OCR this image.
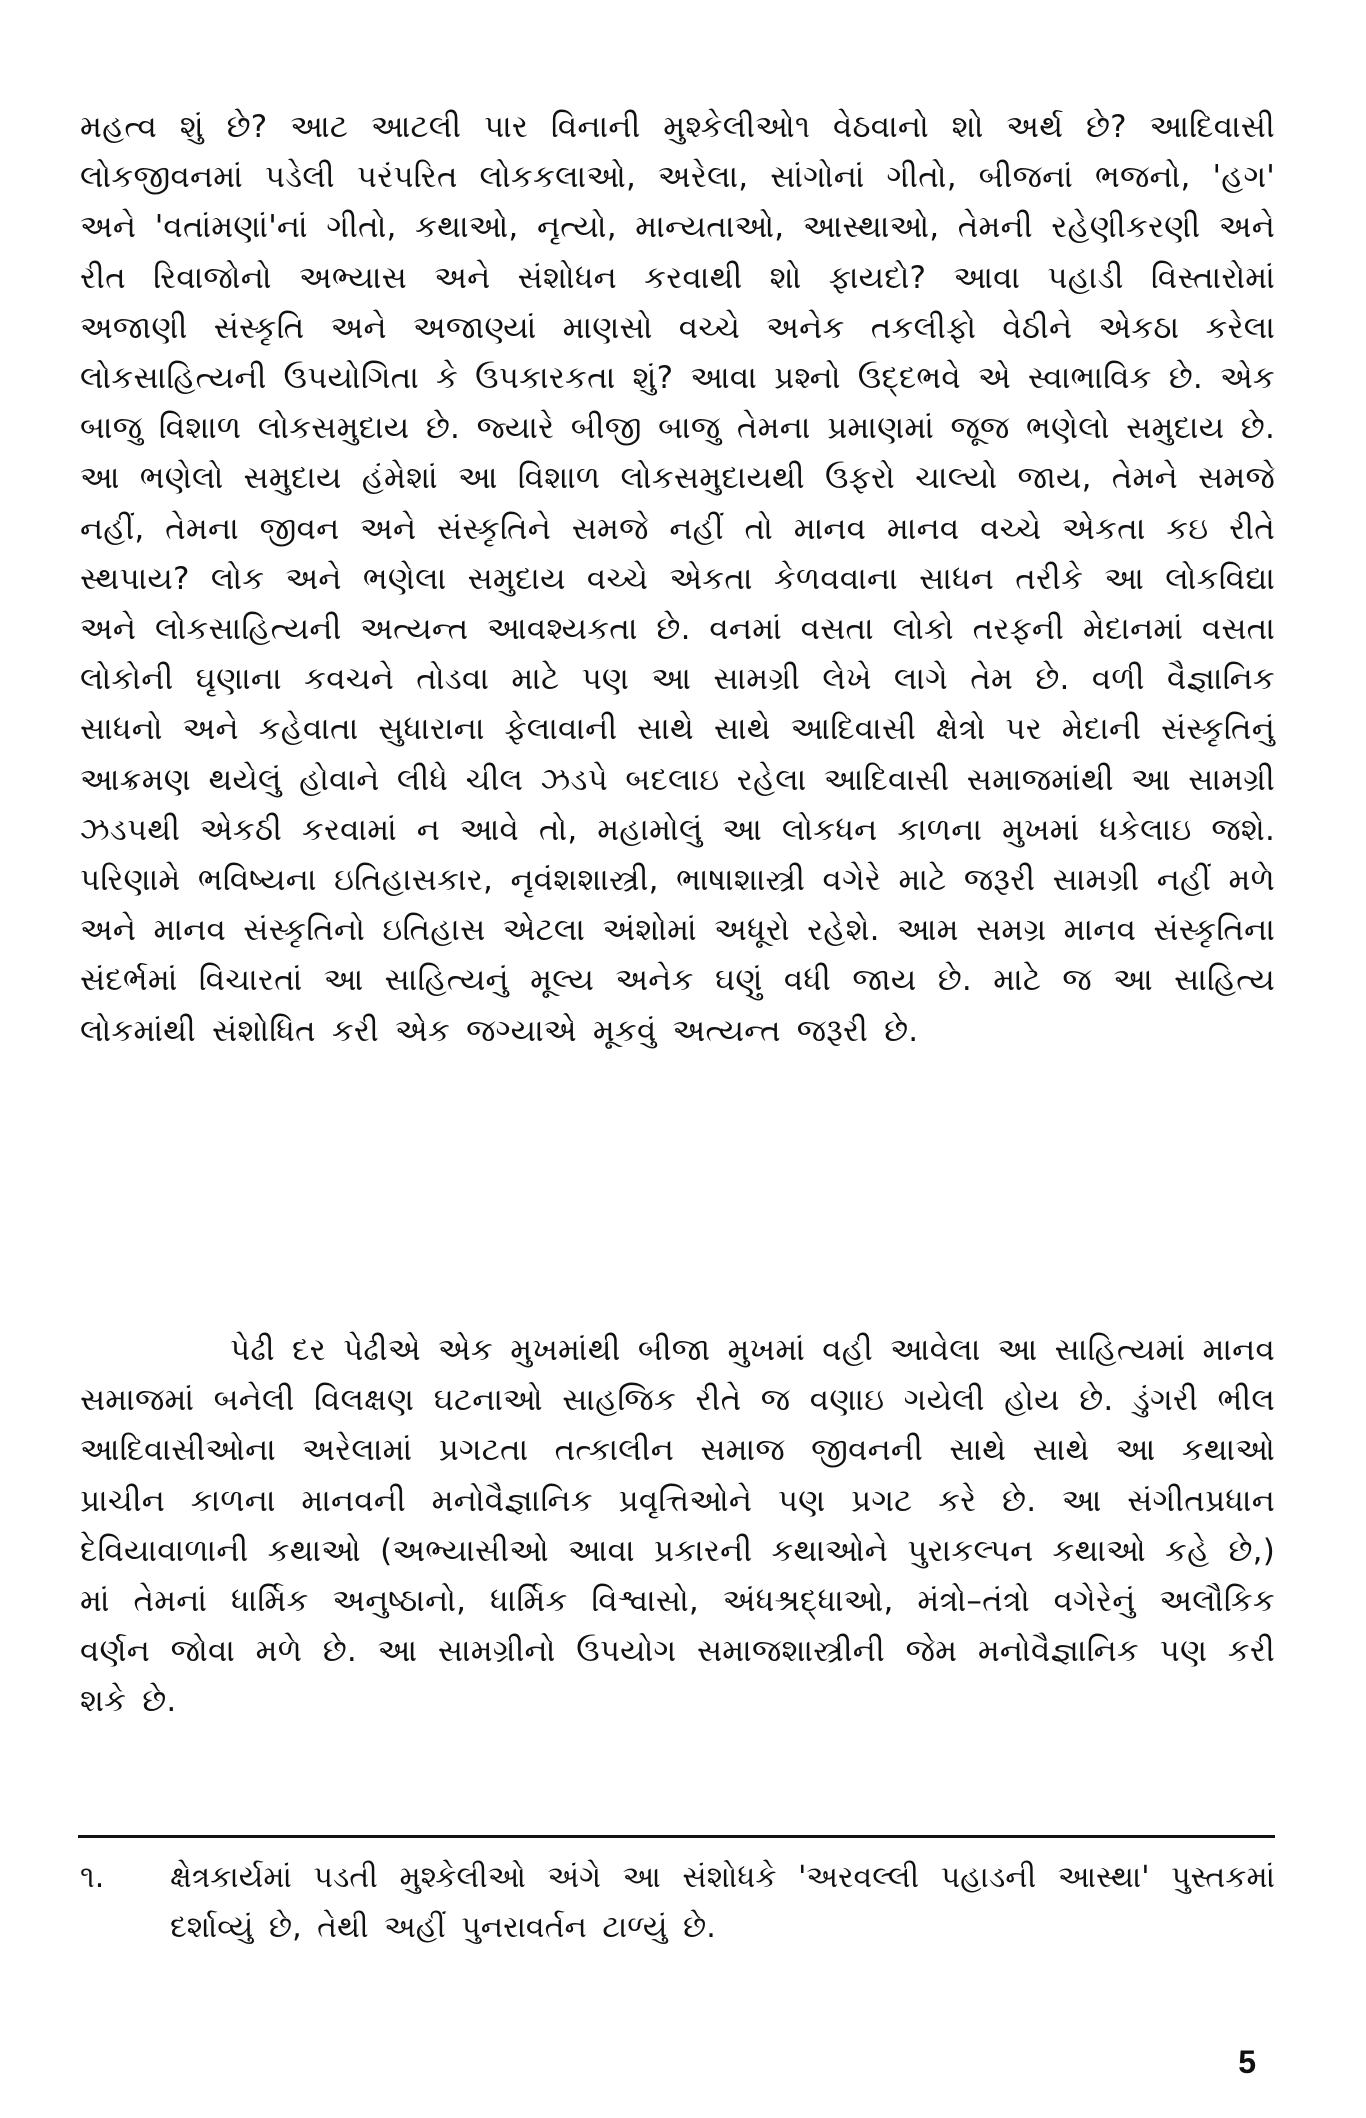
મહત્વ શું છે? આટ આટલી પાર વિનાની મુશ્કેલીઓ૧ વેઠવાનો શો અર્થ છે? આદિવાસી લોકજીવનમાં પડેલી પરંપરિત લોકકલાઓ, અરેલા, સાંગોનાં ગીતો, બીજનાં ભજનો, 'હગ' અને 'વતાંમણાં'નાં ગીતો, કથાઓ, નૃત્યો, માન્યતાઓ, આસ્થાઓ, તેમની રહેણીકરણી અને રીત રિવાજોનો અભ્યાસ અને સંશોધન કરવાથી શો ફાયદો? આવા પહાડી વિસ્તારોમાં અજાણી સંસ્કૃતિ અને અજાણ્યાં માણસો વચ્ચે અનેક તકલીફો વેઠીને એકઠા કરેલા લોકસાહિત્યની ઉપયોગિતા કે ઉપકારકતા શું? આવા પ્રશ્નો ઉદ્દભવે એ સ્વાભાવિક છે. એક બાજુ વિશાળ લોકસમુદાય છે. જ્યારે બીજી બાજુ તેમના પ્રમાણમાં જૂજ ભણેલો સમુદાય છે. આ ભણેલો સમુદાય હંમેશાં આ વિશાળ લોકસમુદાયથી ઉફરો ચાલ્યો જાય, તેમને સમજે નહીં, તેમના જીવન અને સંસ્કૃતિને સમજે નહીં તો માનવ માનવ વચ્ચે એકતા કઇ રીતે સ્થપાય? લોક અને ભણેલા સમુદાય વચ્ચે એકતા કેળવવાના સાધન તરીકે આ લોકવિદ્યા અને લોકસાહિત્યની અત્યન્ત આવશ્યકતા છે. વનમાં વસતા લોકો તરફની મેદાનમાં વસતા લોકોની ઘૃણાના કવચને તોડવા માટે પણ આ સામગ્રી લેખે લાગે તેમ છે. વળી વૈજ્ઞાનિક સાધનો અને કહેવાતા સુધારાના ફેલાવાની સાથે સાથે આદિવાસી ક્ષેત્રો પર મેદાની સંસ્કૃતિનું આક્રમણ થયેલું હોવાને લીધે ચીલ ઝડપે બદલાઇ રહેલા આદિવાસી સમાજમાંથી આ સામગ્રી ઝડપથી એકઠી કરવામાં ન આવે તો, મહામોલું આ લોકધન કાળના મુખમાં ધકેલાઇ જશે. પરિણામે ભવિષ્યના ઇતિહાસકાર, નૃવંશશાસ્ત્રી, ભાષાશાસ્ત્રી વગેરે માટે જરૂરી સામગ્રી નહીં મળે અને માનવ સંસ્કૃતિનો ઇતિહાસ એટલા અંશોમાં અધૂરો રહેશે. આમ સમગ્ર માનવ સંસ્કૃતિના સંદર્ભમાં વિચારતાં આ સાહિત્યનું મૂલ્ય અનેક ઘણું વધી જાય છે. માટે જ આ સાહિત્ય લોકમાંથી સંશોધિત કરી એક જગ્યાએ મૂકવું અત્યન્ત જરૂરી છે.

પેઢી દર પેઢીએ એક મુખમાંથી બીજા મુખમાં વહી આવેલા આ સાહિત્યમાં માનવ સમાજમાં બનેલી વિલક્ષણ ઘટનાઓ સાહજિક રીતે જ વણાઇ ગયેલી હોય છે. ડુંગરી ભીલ આદિવાસીઓના અરેલામાં પ્રગટતા તત્કાલીન સમાજ જીવનની સાથે સાથે આ કથાઓ પ્રાચીન કાળના માનવની મનોવૈજ્ઞાનિક પ્રવૃત્તિઓને પણ પ્રગટ કરે છે. આ સંગીતપ્રધાન દેવિયાવાળાની કથાઓ (અભ્યાસીઓ આવા પ્રકારની કથાઓને પુરાકલ્પન કથાઓ કહે છે,) માં તેમનાં ધાર્મિક અનુષ્ઠાનો, ધાર્મિક વિશ્વાસો, અંધશ્રદ્ધાઓ, મંત્રો–તંત્રો વગેરેનું અલૌકિક વર્ણન જોવા મળે છે. આ સામગ્રીનો ઉપયોગ સમાજશાસ્ત્રીની જેમ મનોવૈજ્ઞાનિક પણ કરી શકે છે.

૧.	ક્ષેત્રકાર્યમાં પડતી મુશ્કેલીઓ અંગે આ સંશોધકે 'અરવલ્લી પહાડની આસ્થા' પુસ્તકમાં દર્શાવ્યું છે, તેથી અહીં પુનરાવર્તન ટાળ્યું છે.
5
